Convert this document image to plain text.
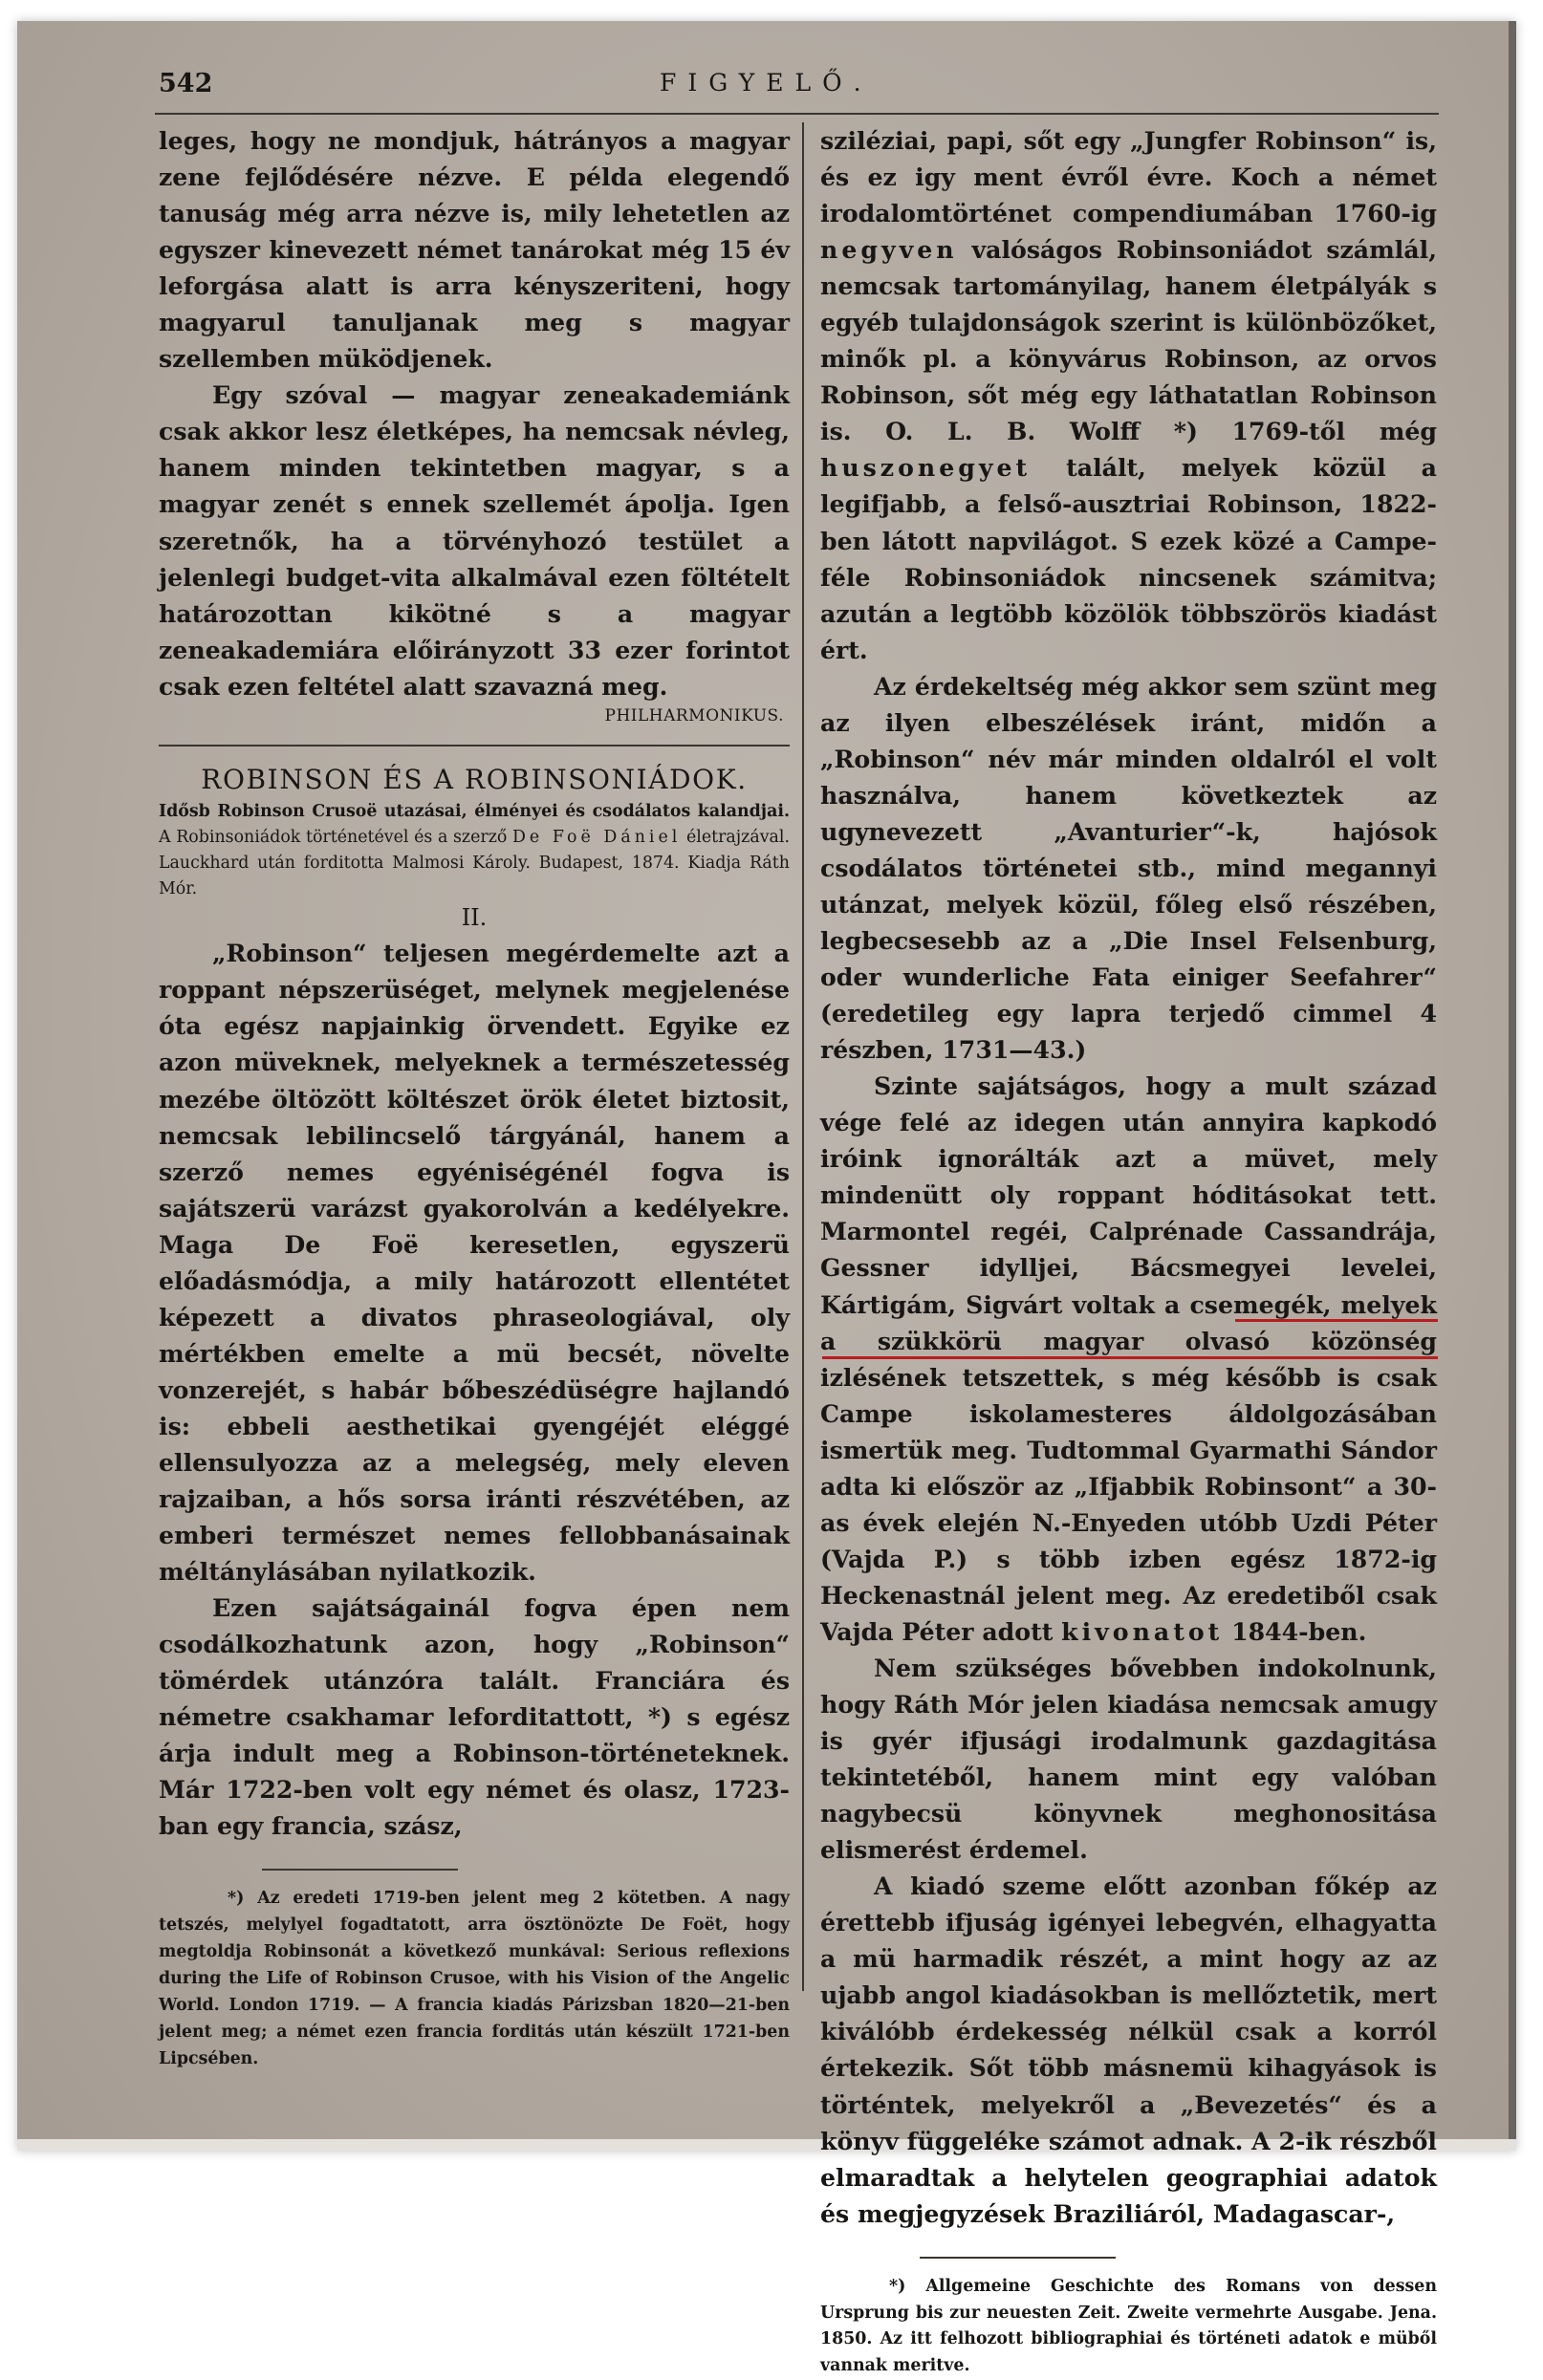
542	FIGYELŐ.

leges, hogy ne mondjuk, hátrányos a magyar zene fejlődésére nézve. E példa elegendő tanuság még arra nézve is, mily lehetetlen az egyszer kinevezett német tanárokat még 15 év leforgása alatt is arra kényszeriteni, hogy magyarul tanuljanak meg s magyar szellemben müködjenek.

Egy szóval — magyar zeneakademiánk csak akkor lesz életképes, ha nemcsak névleg, hanem minden tekintetben magyar, s a magyar zenét s ennek szellemét ápolja. Igen szeretnők, ha a törvényhozó testület a jelenlegi budget-vita alkalmával ezen föltételt határozottan kikötné s a magyar zeneakademiára előirányzott 33 ezer forintot csak ezen feltétel alatt szavazná meg.

PHILHARMONIKUS.

ROBINSON ÉS A ROBINSONIÁDOK.

Idősb Robinson Crusoë utazásai, élményei és csodálatos kalandjai. A Robinsoniádok történetével és a szerző De Foë Dániel életrajzával. Lauckhard után forditotta Malmosi Károly. Budapest, 1874. Kiadja Ráth Mór.

II.

„Robinson“ teljesen megérdemelte azt a roppant népszerüséget, melynek megjelenése óta egész napjainkig örvendett. Egyike ez azon müveknek, melyeknek a természetesség mezébe öltözött költészet örök életet biztosit, nemcsak lebilincselő tárgyánál, hanem a szerző nemes egyéniségénél fogva is sajátszerü varázst gyakorolván a kedélyekre. Maga De Foë keresetlen, egyszerü előadásmódja, a mily határozott ellentétet képezett a divatos phraseologiával, oly mértékben emelte a mü becsét, növelte vonzerejét, s habár bőbeszédüségre hajlandó is: ebbeli aesthetikai gyengéjét eléggé ellensulyozza az a melegség, mely eleven rajzaiban, a hős sorsa iránti részvétében, az emberi természet nemes fellobbanásainak méltánylásában nyilatkozik.

Ezen sajátságainál fogva épen nem csodálkozhatunk azon, hogy „Robinson“ tömérdek utánzóra talált. Franciára és németre csakhamar leforditattott, *) s egész árja indult meg a Robinson-történeteknek. Már 1722-ben volt egy német és olasz, 1723-ban egy francia, szász,

*) Az eredeti 1719-ben jelent meg 2 kötetben. A nagy tetszés, melylyel fogadtatott, arra ösztönözte De Foët, hogy megtoldja Robinsonát a következő munkával: Serious reflexions during the Life of Robinson Crusoe, with his Vision of the Angelic World. London 1719. — A francia kiadás Párizsban 1820—21-ben jelent meg; a német ezen francia forditás után készült 1721-ben Lipcsében.

sziléziai, papi, sőt egy „Jungfer Robinson“ is, és ez igy ment évről évre. Koch a német irodalomtörténet compendiumában 1760-ig negyven valóságos Robinsoniádot számlál, nemcsak tartományilag, hanem életpályák s egyéb tulajdonságok szerint is különbözőket, minők pl. a könyvárus Robinson, az orvos Robinson, sőt még egy láthatatlan Robinson is. O. L. B. Wolff *) 1769-től még huszonegyet talált, melyek közül a legifjabb, a felső-ausztriai Robinson, 1822-ben látott napvilágot. S ezek közé a Campe-féle Robinsoniádok nincsenek számitva; azután a legtöbb közölök többszörös kiadást ért.

Az érdekeltség még akkor sem szünt meg az ilyen elbeszélések iránt, midőn a „Robinson“ név már minden oldalról el volt használva, hanem következtek az ugynevezett „Avanturier“-k, hajósok csodálatos történetei stb., mind megannyi utánzat, melyek közül, főleg első részében, legbecsesebb az a „Die Insel Felsenburg, oder wunderliche Fata einiger Seefahrer“ (eredetileg egy lapra terjedő cimmel 4 részben, 1731—43.)

Szinte sajátságos, hogy a mult század vége felé az idegen után annyira kapkodó iróink ignorálták azt a müvet, mely mindenütt oly roppant hóditásokat tett. Marmontel regéi, Calprénade Cassandrája, Gessner idylljei, Bácsmegyei levelei, Kártigám, Sigvárt voltak a csemegék, melyek a szükkörü magyar olvasó közönség izlésének tetszettek, s még később is csak Campe iskolamesteres áldolgozásában ismertük meg. Tudtommal Gyarmathi Sándor adta ki először az „Ifjabbik Robinsont“ a 30-as évek elején N.-Enyeden utóbb Uzdi Péter (Vajda P.) s több izben egész 1872-ig Heckenastnál jelent meg. Az eredetiből csak Vajda Péter adott kivonatot 1844-ben.

Nem szükséges bővebben indokolnunk, hogy Ráth Mór jelen kiadása nemcsak amugy is gyér ifjusági irodalmunk gazdagitása tekintetéből, hanem mint egy valóban nagybecsü könyvnek meghonositása elismerést érdemel.

A kiadó szeme előtt azonban főkép az érettebb ifjuság igényei lebegvén, elhagyatta a mü harmadik részét, a mint hogy az az ujabb angol kiadásokban is mellőztetik, mert kiválóbb érdekesség nélkül csak a korról értekezik. Sőt több másnemü kihagyások is történtek, melyekről a „Bevezetés“ és a könyv függeléke számot adnak. A 2-ik részből elmaradtak a helytelen geographiai adatok és megjegyzések Braziliáról, Madagascar-,

*) Allgemeine Geschichte des Romans von dessen Ursprung bis zur neuesten Zeit. Zweite vermehrte Ausgabe. Jena. 1850. Az itt felhozott bibliographiai és történeti adatok e müből vannak meritve.
